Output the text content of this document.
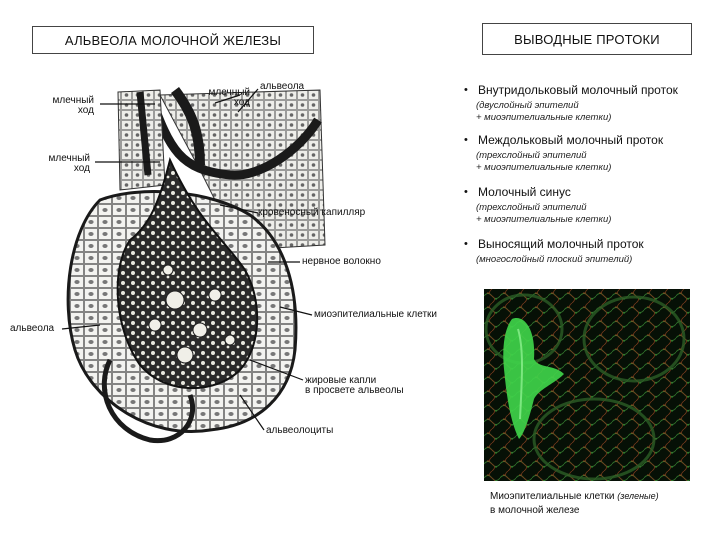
АЛЬВЕОЛА МОЛОЧНОЙ ЖЕЛЕЗЫ	ВЫВОДНЫЕ ПРОТОКИ
млечный
ход
млечный
ход
альвеола
млечный
ход
кровеносный капилляр
нервное волокно
миоэпителиальные клетки
альвеола
жировые капли
в просвете альвеолы
альвеолоциты
• Внутридольковый молочный проток
(двуслойный эпителий
+ миоэпителиальные клетки)
• Междольковый молочный проток
(трехслойный эпителий
+ миоэпителиальные клетки)
• Молочный синус
(трехслойный эпителий
+ миоэпителиальные клетки)
• Выносящий молочный проток
(многослойный плоский эпителий)
Миоэпителиальные клетки (зеленые)
в молочной железе
